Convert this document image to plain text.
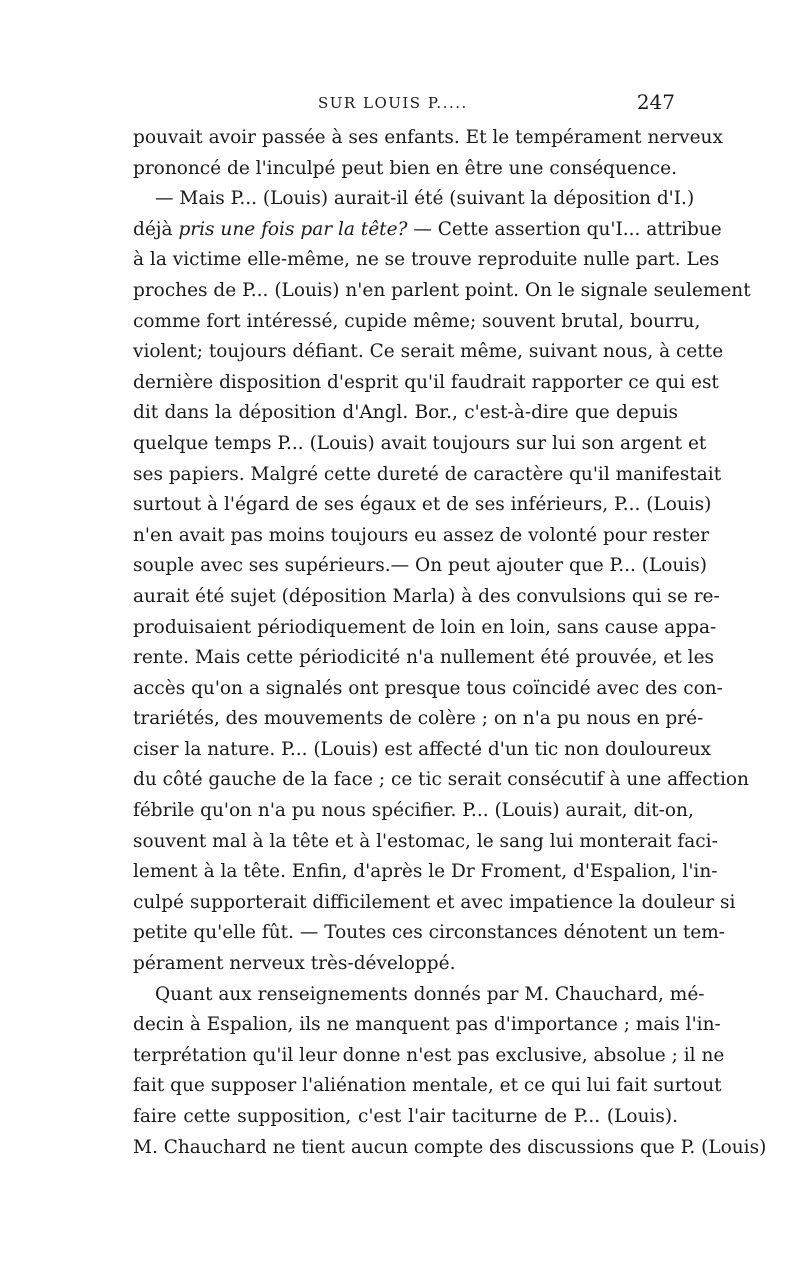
SUR LOUIS P.....	247
pouvait avoir passée à ses enfants. Et le tempérament nerveux
prononcé de l'inculpé peut bien en être une conséquence.
— Mais P... (Louis) aurait-il été (suivant la déposition d'I.)
déjà pris une fois par la tête? — Cette assertion qu'I... attribue
à la victime elle-même, ne se trouve reproduite nulle part. Les
proches de P... (Louis) n'en parlent point. On le signale seulement
comme fort intéressé, cupide même; souvent brutal, bourru,
violent; toujours défiant. Ce serait même, suivant nous, à cette
dernière disposition d'esprit qu'il faudrait rapporter ce qui est
dit dans la déposition d'Angl. Bor., c'est-à-dire que depuis
quelque temps P... (Louis) avait toujours sur lui son argent et
ses papiers. Malgré cette dureté de caractère qu'il manifestait
surtout à l'égard de ses égaux et de ses inférieurs, P... (Louis)
n'en avait pas moins toujours eu assez de volonté pour rester
souple avec ses supérieurs.— On peut ajouter que P... (Louis)
aurait été sujet (déposition Marla) à des convulsions qui se re-
produisaient périodiquement de loin en loin, sans cause appa-
rente. Mais cette périodicité n'a nullement été prouvée, et les
accès qu'on a signalés ont presque tous coïncidé avec des con-
trariétés, des mouvements de colère ; on n'a pu nous en pré-
ciser la nature. P... (Louis) est affecté d'un tic non douloureux
du côté gauche de la face ; ce tic serait consécutif à une affection
fébrile qu'on n'a pu nous spécifier. P... (Louis) aurait, dit-on,
souvent mal à la tête et à l'estomac, le sang lui monterait faci-
lement à la tête. Enfin, d'après le Dr Froment, d'Espalion, l'in-
culpé supporterait difficilement et avec impatience la douleur si
petite qu'elle fût. — Toutes ces circonstances dénotent un tem-
pérament nerveux très-développé.
Quant aux renseignements donnés par M. Chauchard, mé-
decin à Espalion, ils ne manquent pas d'importance ; mais l'in-
terprétation qu'il leur donne n'est pas exclusive, absolue ; il ne
fait que supposer l'aliénation mentale, et ce qui lui fait surtout
faire cette supposition, c'est l'air taciturne de P... (Louis).
M. Chauchard ne tient aucun compte des discussions que P. (Louis)
